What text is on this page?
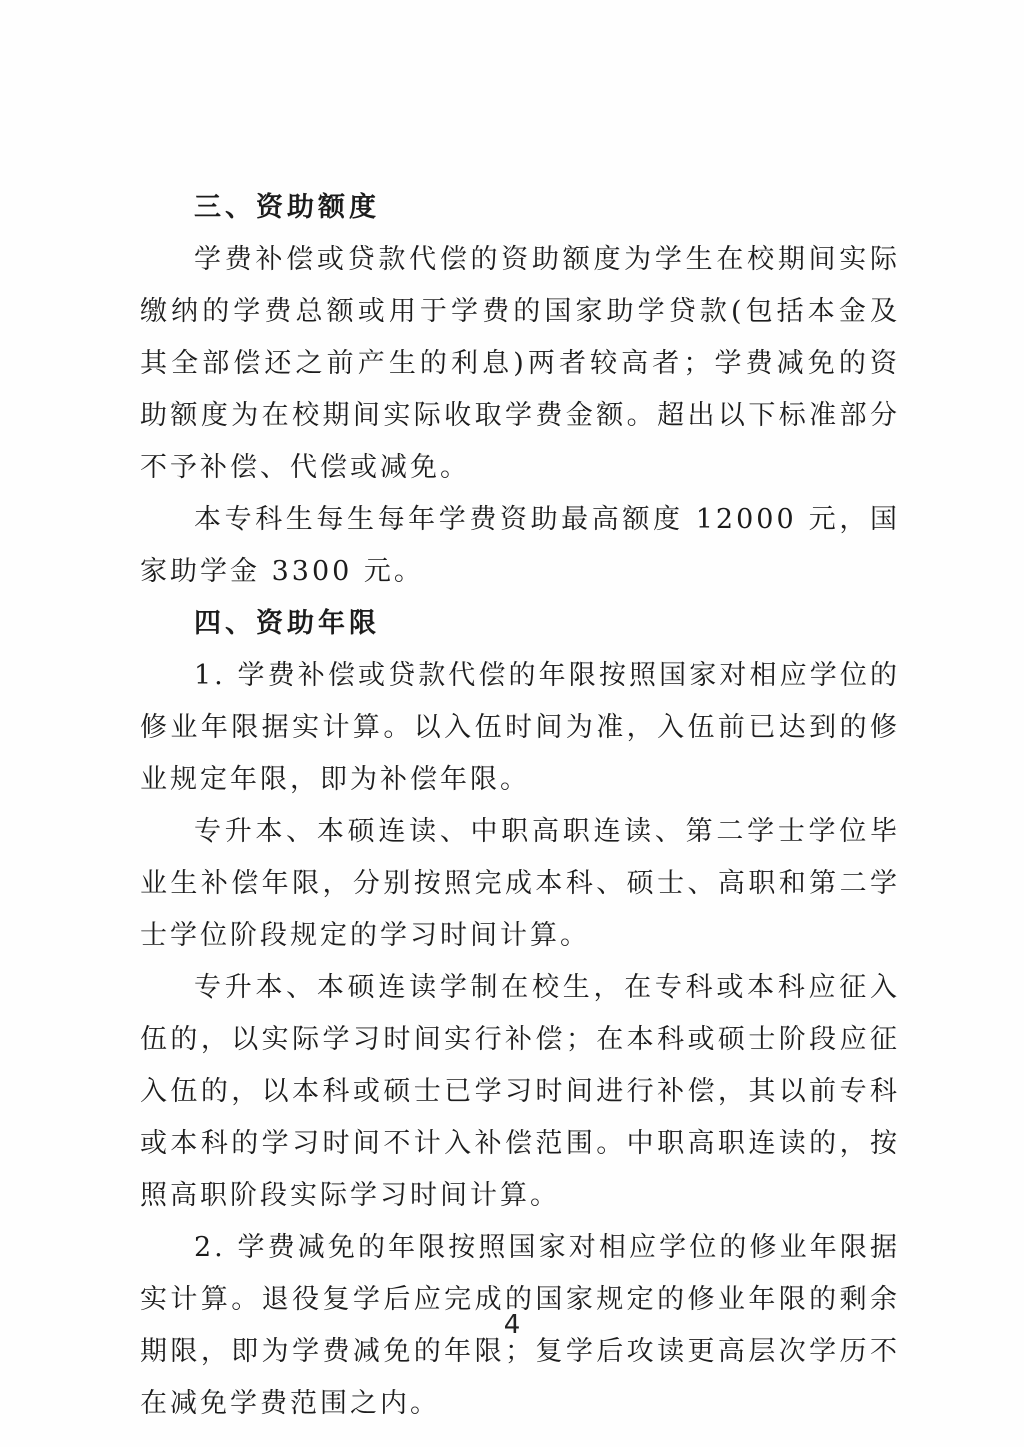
三、资助额度

学费补偿或贷款代偿的资助额度为学生在校期间实际缴纳的学费总额或用于学费的国家助学贷款(包括本金及其全部偿还之前产生的利息)两者较高者；学费减免的资助额度为在校期间实际收取学费金额。超出以下标准部分不予补偿、代偿或减免。

本专科生每生每年学费资助最高额度 12000 元，国家助学金 3300 元。

四、资助年限

1. 学费补偿或贷款代偿的年限按照国家对相应学位的修业年限据实计算。以入伍时间为准，入伍前已达到的修业规定年限，即为补偿年限。

专升本、本硕连读、中职高职连读、第二学士学位毕业生补偿年限，分别按照完成本科、硕士、高职和第二学士学位阶段规定的学习时间计算。

专升本、本硕连读学制在校生，在专科或本科应征入伍的，以实际学习时间实行补偿；在本科或硕士阶段应征入伍的，以本科或硕士已学习时间进行补偿，其以前专科或本科的学习时间不计入补偿范围。中职高职连读的，按照高职阶段实际学习时间计算。

2. 学费减免的年限按照国家对相应学位的修业年限据实计算。退役复学后应完成的国家规定的修业年限的剩余期限，即为学费减免的年限；复学后攻读更高层次学历不在减免学费范围之内。

4
